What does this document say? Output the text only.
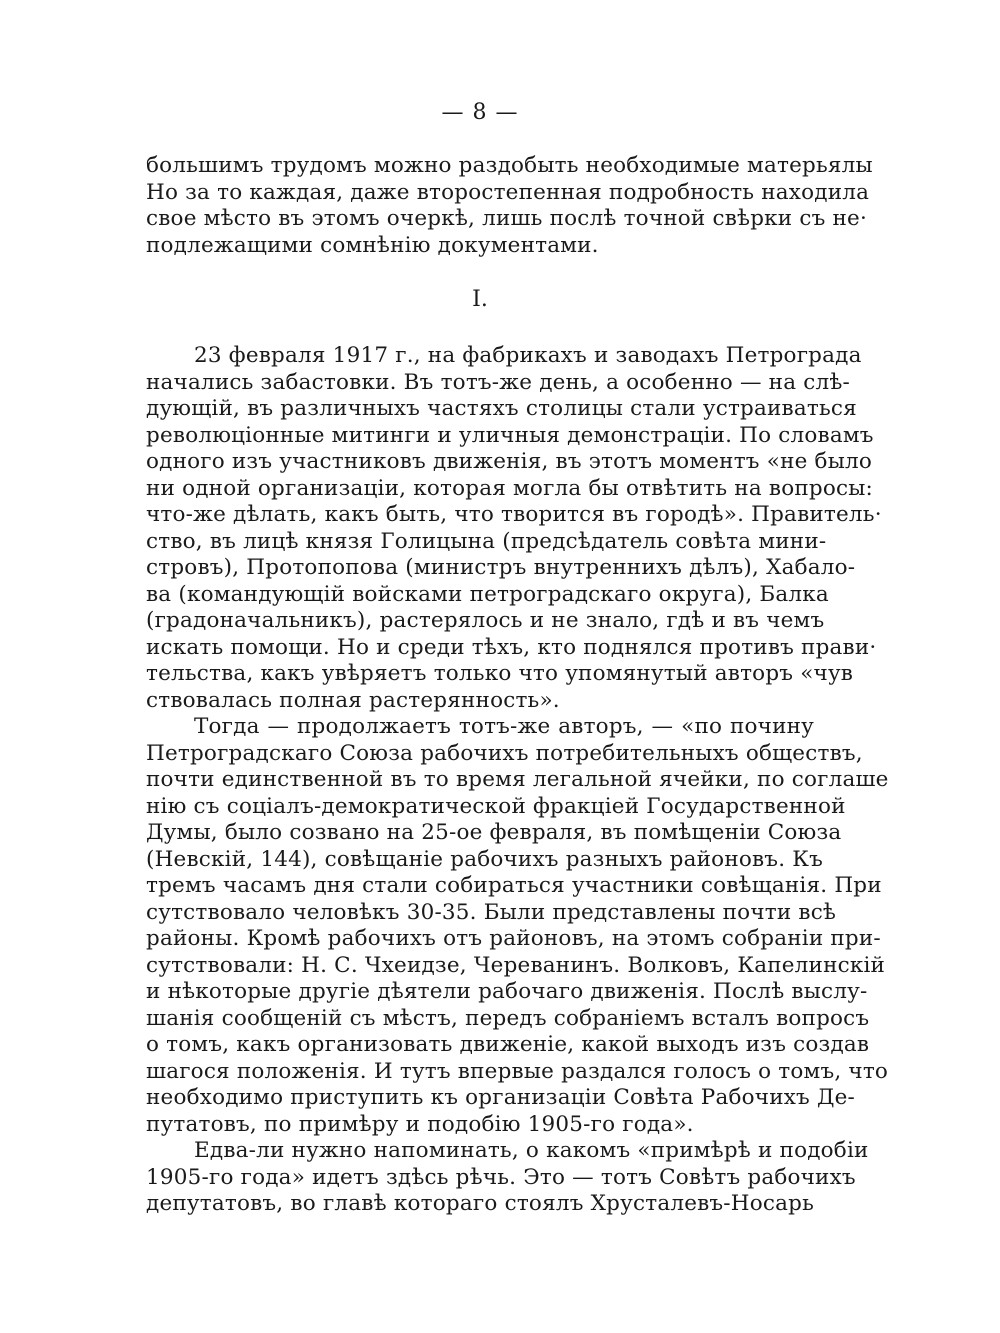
— 8 —
большимъ трудомъ можно раздобыть необходимые матерьялы
Но за то каждая, даже второстепенная подробность находила
свое мѣсто въ этомъ очеркѣ, лишь послѣ точной свѣрки съ не·
подлежащими сомнѣнію документами.
I.
23 февраля 1917 г., на фабрикахъ и заводахъ Петрограда
начались забастовки. Въ тотъ-же день, а особенно — на слѣ-
дующій, въ различныхъ частяхъ столицы стали устраиваться
революціонные митинги и уличныя демонстраціи. По словамъ
одного изъ участниковъ движенія, въ этотъ моментъ «не было
ни одной организаціи, которая могла бы отвѣтить на вопросы:
что-же дѣлать, какъ быть, что творится въ городѣ». Правитель·
ство, въ лицѣ князя Голицына (предсѣдатель совѣта мини-
стровъ), Протопопова (министръ внутреннихъ дѣлъ), Хабало-
ва (командующій войсками петроградскаго округа), Балка
(градоначальникъ), растерялось и не знало, гдѣ и въ чемъ
искать помощи. Но и среди тѣхъ, кто поднялся противъ прави·
тельства, какъ увѣряетъ только что упомянутый авторъ «чув
ствовалась полная растерянность».
Тогда — продолжаетъ тотъ-же авторъ, — «по почину
Петроградскаго Союза рабочихъ потребительныхъ обществъ,
почти единственной въ то время легальной ячейки, по соглаше
нію съ соціалъ-демократической фракціей Государственной
Думы, было созвано на 25-ое февраля, въ помѣщеніи Союза
(Невскій, 144), совѣщаніе рабочихъ разныхъ районовъ. Къ
тремъ часамъ дня стали собираться участники совѣщанія. При
сутствовало человѣкъ 30-35. Были представлены почти всѣ
районы. Кромѣ рабочихъ отъ районовъ, на этомъ собраніи при-
сутствовали: Н. С. Чхеидзе, Череванинъ. Волковъ, Капелинскій
и нѣкоторые другіе дѣятели рабочаго движенія. Послѣ выслу-
шанія сообщеній съ мѣстъ, передъ собраніемъ всталъ вопросъ
о томъ, какъ организовать движеніе, какой выходъ изъ создав
шагося положенія. И тутъ впервые раздался голосъ о томъ, что
необходимо приступить къ организаціи Совѣта Рабочихъ Де-
путатовъ, по примѣру и подобію 1905-го года».
Едва-ли нужно напоминать, о какомъ «примѣрѣ и подобіи
1905-го года» идетъ здѣсь рѣчь. Это — тотъ Совѣтъ рабочихъ
депутатовъ, во главѣ котораго стоялъ Хрусталевъ-Носарь
